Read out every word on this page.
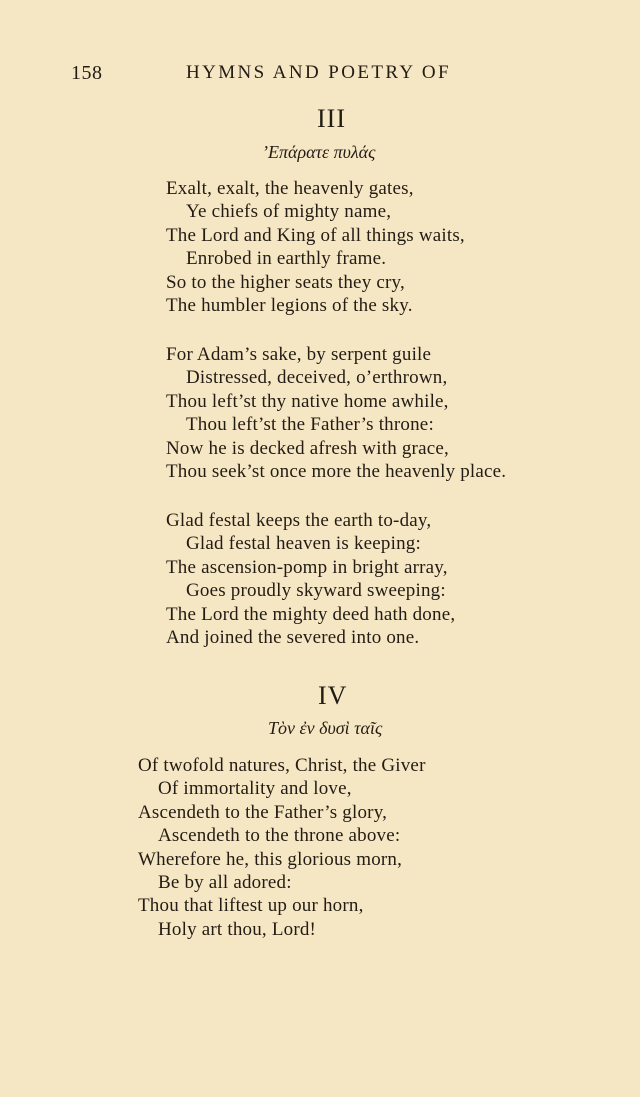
158	HYMNS AND POETRY OF
III
’Επάρατε πυλάς
Exalt, exalt, the heavenly gates,
Ye chiefs of mighty name,
The Lord and King of all things waits,
Enrobed in earthly frame.
So to the higher seats they cry,
The humbler legions of the sky.
For Adam’s sake, by serpent guile
Distressed, deceived, o’erthrown,
Thou left’st thy native home awhile,
Thou left’st the Father’s throne:
Now he is decked afresh with grace,
Thou seek’st once more the heavenly place.
Glad festal keeps the earth to-day,
Glad festal heaven is keeping:
The ascension-pomp in bright array,
Goes proudly skyward sweeping:
The Lord the mighty deed hath done,
And joined the severed into one.
IV
Τὸν ἐν δυσὶ ταῖς
Of twofold natures, Christ, the Giver
Of immortality and love,
Ascendeth to the Father’s glory,
Ascendeth to the throne above:
Wherefore he, this glorious morn,
Be by all adored:
Thou that liftest up our horn,
Holy art thou, Lord!
